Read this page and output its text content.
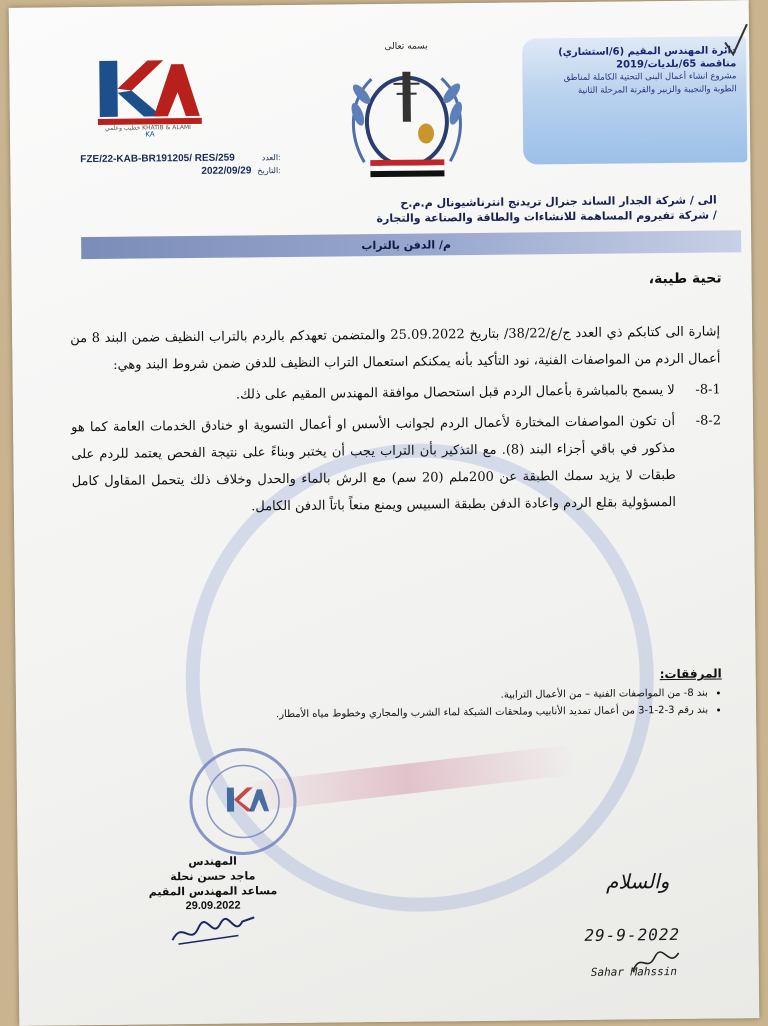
KA
خطيب وعلمي KHATIB & ALAMI
بسمه تعالى
FZE/22-KAB-BR191205/ RES/259	العدد:
2022/09/29 التاريخ:
دائرة المهندس المقيم (6/استشاري)
مناقصة 65/بلديات/2019
مشروع انشاء أعمال البنى التحتية الكاملة لمناطق
الطوبة والنجيبة والزبير والقرنة المرحلة الثانية
الى / شركة الجدار الساند جنرال تريدنج انترناشيونال م.م.ح
/ شركة تفيروم المساهمة للانشاءات والطاقة والصناعة والتجارة
م/ الدفن بالتراب
تحية طيبة،
إشارة الى كتابكم ذي العدد ج/ع/38/22/ بتاريخ 25.09.2022 والمتضمن تعهدكم بالردم بالتراب النظيف ضمن البند 8 من أعمال الردم من المواصفات الفنية، نود التأكيد بأنه يمكنكم استعمال التراب النظيف للدفن ضمن شروط البند وهي:
8-1-
لا يسمح بالمباشرة بأعمال الردم قبل استحصال موافقة المهندس المقيم على ذلك.
8-2-
أن تكون المواصفات المختارة لأعمال الردم لجوانب الأسس او أعمال التسوية او خنادق الخدمات العامة كما هو مذكور في باقي أجزاء البند (8). مع التذكير بأن التراب يجب أن يختبر وبناءً على نتيجة الفحص يعتمد للردم على طبقات لا يزيد سمك الطبقة عن 200ملم (20 سم) مع الرش بالماء والحدل وخلاف ذلك يتحمل المقاول كامل المسؤولية بقلع الردم واعادة الدفن بطبقة السبيس ويمنع منعاً باتاً الدفن الكامل.
المرفقات:
• بند 8- من المواصفات الفنية – من الأعمال الترابية.
• بند رقم 3-2-1-3 من أعمال تمديد الأنابيب وملحقات الشبكة لماء الشرب والمجاري وخطوط مياه الأمطار.
المهندس
ماجد حسن نحلة
مساعد المهندس المقيم
29.09.2022
والسلام
29-9-2022
Sahar Mahssin
